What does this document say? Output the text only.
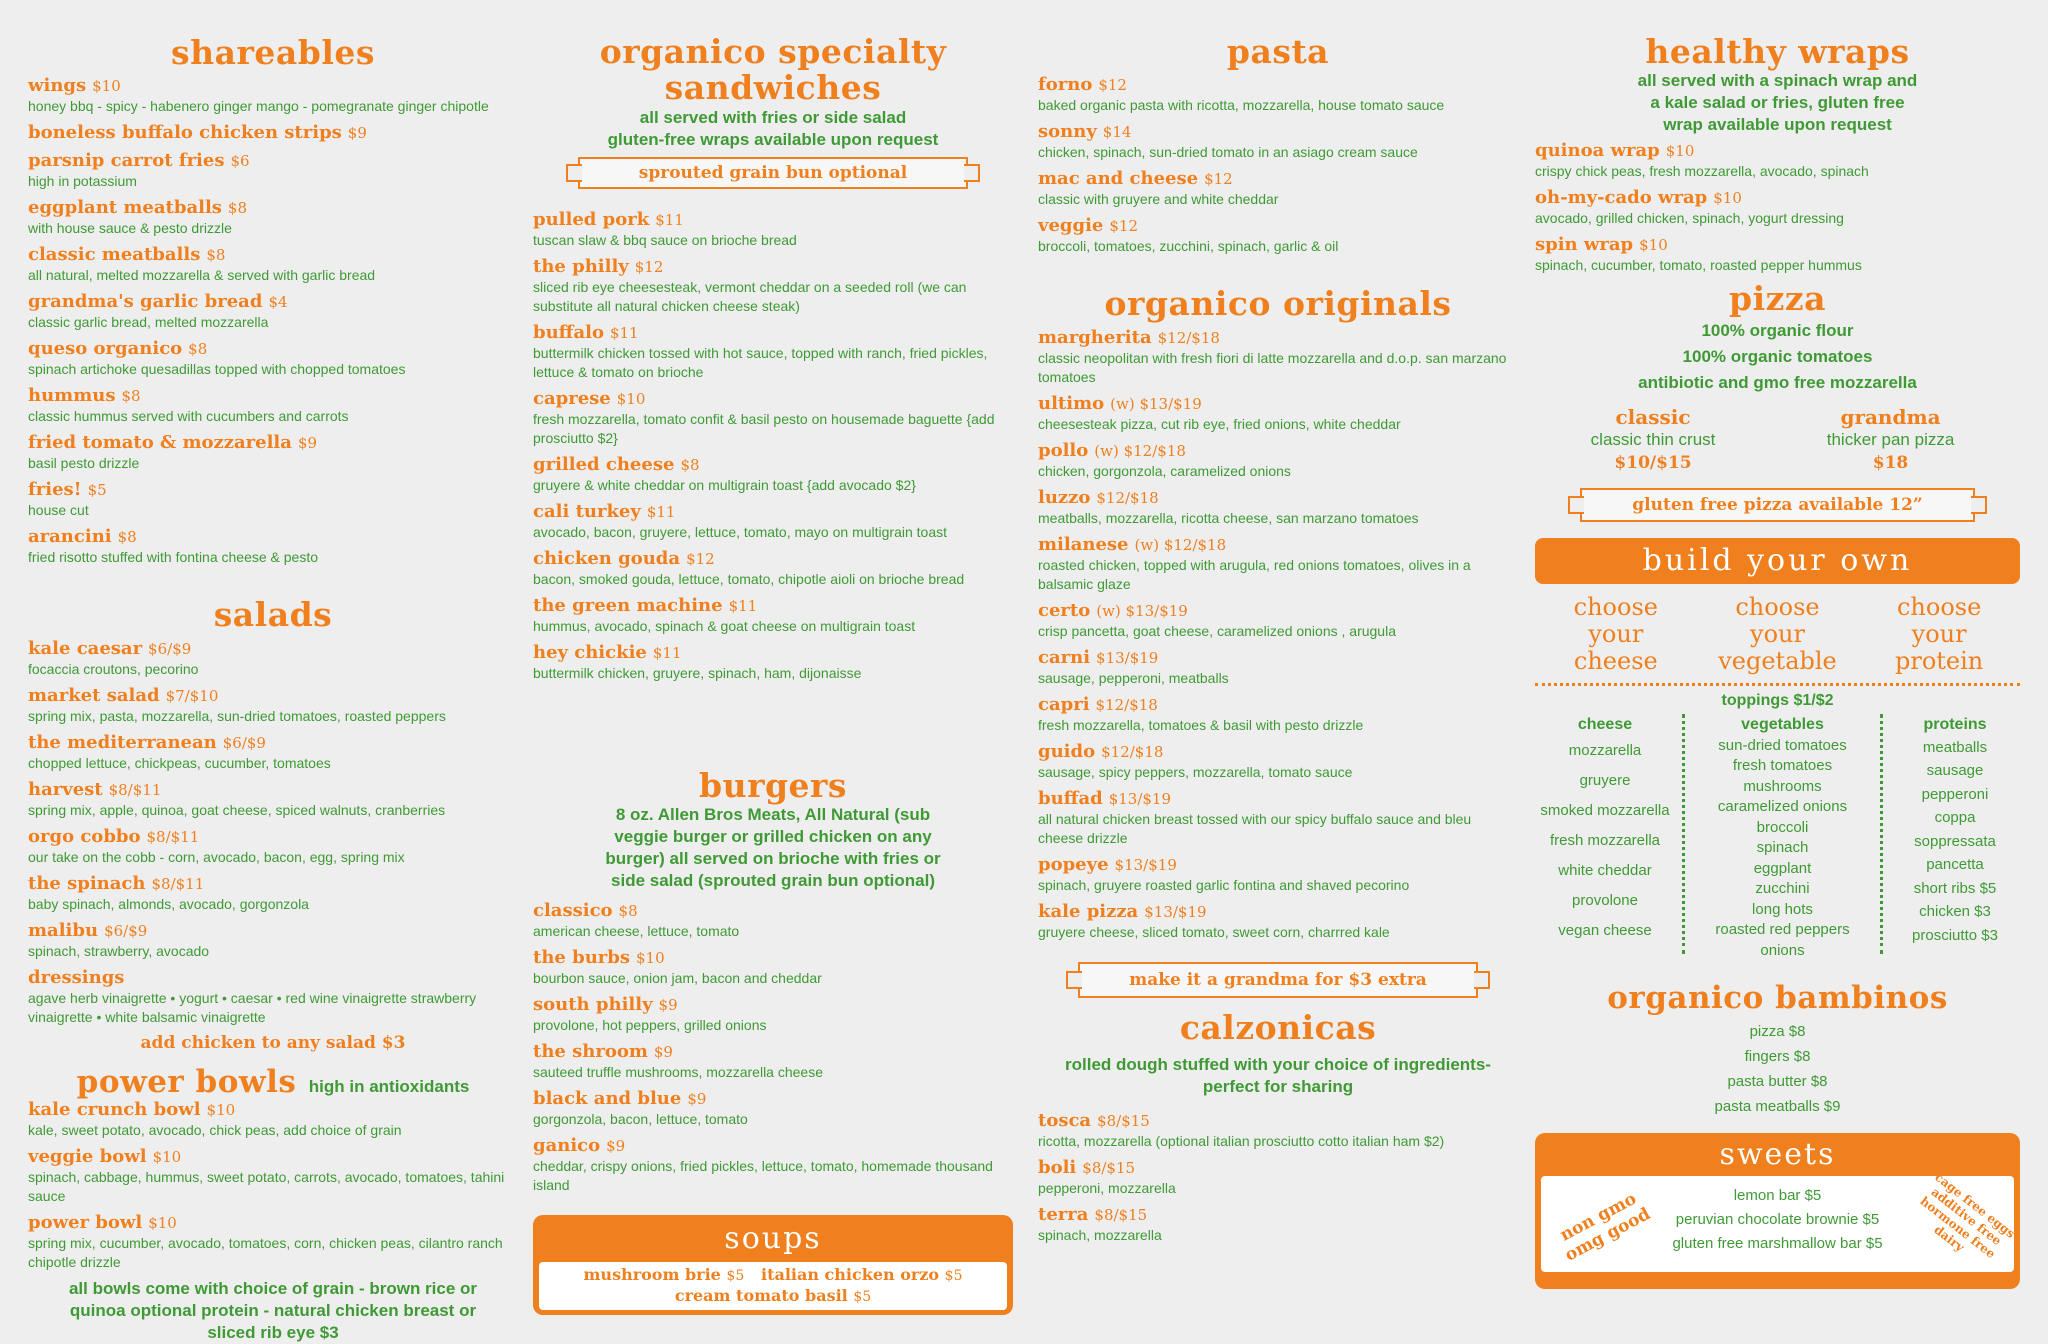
shareables
wings $10
honey bbq - spicy - habenero ginger mango - pomegranate ginger chipotle
boneless buffalo chicken strips $9
parsnip carrot fries $6
high in potassium
eggplant meatballs $8
with house sauce & pesto drizzle
classic meatballs $8
all natural, melted mozzarella & served with garlic bread
grandma's garlic bread $4
classic garlic bread, melted mozzarella
queso organico $8
spinach artichoke quesadillas topped with chopped tomatoes
hummus $8
classic hummus served with cucumbers and carrots
fried tomato & mozzarella $9
basil pesto drizzle
fries! $5
house cut
arancini $8
fried risotto stuffed with fontina cheese & pesto
salads
kale caesar $6/$9
focaccia croutons, pecorino
market salad $7/$10
spring mix, pasta, mozzarella, sun-dried tomatoes, roasted peppers
the mediterranean $6/$9
chopped lettuce, chickpeas, cucumber, tomatoes
harvest $8/$11
spring mix, apple, quinoa, goat cheese, spiced walnuts, cranberries
orgo cobbo $8/$11
our take on the cobb - corn, avocado, bacon, egg, spring mix
the spinach $8/$11
baby spinach, almonds, avocado, gorgonzola
malibu $6/$9
spinach, strawberry, avocado
dressings
agave herb vinaigrette • yogurt • caesar • red wine vinaigrette strawberry vinaigrette • white balsamic vinaigrette
add chicken to any salad $3
power bowls high in antioxidants
kale crunch bowl $10
kale, sweet potato, avocado, chick peas, add choice of grain
veggie bowl $10
spinach, cabbage, hummus, sweet potato, carrots, avocado, tomatoes, tahini sauce
power bowl $10
spring mix, cucumber, avocado, tomatoes, corn, chicken peas, cilantro ranch chipotle drizzle
all bowls come with choice of grain - brown rice or quinoa optional protein - natural chicken breast or sliced rib eye $3
organico specialty
sandwiches
all served with fries or side salad
gluten-free wraps available upon request
sprouted grain bun optional
pulled pork $11
tuscan slaw & bbq sauce on brioche bread
the philly $12
sliced rib eye cheesesteak, vermont cheddar on a seeded roll (we can substitute all natural chicken cheese steak)
buffalo $11
buttermilk chicken tossed with hot sauce, topped with ranch, fried pickles, lettuce & tomato on brioche
caprese $10
fresh mozzarella, tomato confit & basil pesto on housemade baguette {add prosciutto $2}
grilled cheese $8
gruyere & white cheddar on multigrain toast {add avocado $2}
cali turkey $11
avocado, bacon, gruyere, lettuce, tomato, mayo on multigrain toast
chicken gouda $12
bacon, smoked gouda, lettuce, tomato, chipotle aioli on brioche bread
the green machine $11
hummus, avocado, spinach & goat cheese on multigrain toast
hey chickie $11
buttermilk chicken, gruyere, spinach, ham, dijonaisse
burgers
8 oz. Allen Bros Meats, All Natural (sub veggie burger or grilled chicken on any burger) all served on brioche with fries or side salad (sprouted grain bun optional)
classico $8
american cheese, lettuce, tomato
the burbs $10
bourbon sauce, onion jam, bacon and cheddar
south philly $9
provolone, hot peppers, grilled onions
the shroom $9
sauteed truffle mushrooms, mozzarella cheese
black and blue $9
gorgonzola, bacon, lettuce, tomato
ganico $9
cheddar, crispy onions, fried pickles, lettuce, tomato, homemade thousand island
soups
mushroom brie $5 italian chicken orzo $5
cream tomato basil $5
pasta
forno $12
baked organic pasta with ricotta, mozzarella, house tomato sauce
sonny $14
chicken, spinach, sun-dried tomato in an asiago cream sauce
mac and cheese $12
classic with gruyere and white cheddar
veggie $12
broccoli, tomatoes, zucchini, spinach, garlic & oil
organico originals
margherita $12/$18
classic neopolitan with fresh fiori di latte mozzarella and d.o.p. san marzano tomatoes
ultimo (w) $13/$19
cheesesteak pizza, cut rib eye, fried onions, white cheddar
pollo (w) $12/$18
chicken, gorgonzola, caramelized onions
luzzo $12/$18
meatballs, mozzarella, ricotta cheese, san marzano tomatoes
milanese (w) $12/$18
roasted chicken, topped with arugula, red onions tomatoes, olives in a balsamic glaze
certo (w) $13/$19
crisp pancetta, goat cheese, caramelized onions , arugula
carni $13/$19
sausage, pepperoni, meatballs
capri $12/$18
fresh mozzarella, tomatoes & basil with pesto drizzle
guido $12/$18
sausage, spicy peppers, mozzarella, tomato sauce
buffad $13/$19
all natural chicken breast tossed with our spicy buffalo sauce and bleu cheese drizzle
popeye $13/$19
spinach, gruyere roasted garlic fontina and shaved pecorino
kale pizza $13/$19
gruyere cheese, sliced tomato, sweet corn, charrred kale
make it a grandma for $3 extra
calzonicas
rolled dough stuffed with your choice of ingredients-perfect for sharing
tosca $8/$15
ricotta, mozzarella (optional italian prosciutto cotto italian ham $2)
boli $8/$15
pepperoni, mozzarella
terra $8/$15
spinach, mozzarella
healthy wraps
all served with a spinach wrap and a kale salad or fries, gluten free wrap available upon request
quinoa wrap $10
crispy chick peas, fresh mozzarella, avocado, spinach
oh-my-cado wrap $10
avocado, grilled chicken, spinach, yogurt dressing
spin wrap $10
spinach, cucumber, tomato, roasted pepper hummus
pizza
100% organic flour
100% organic tomatoes
antibiotic and gmo free mozzarella
classic
classic thin crust
$10/$15
grandma
thicker pan pizza
$18
gluten free pizza available 12”
build your own
choose your cheese
choose your vegetable
choose your protein
toppings $1/$2
cheese
mozzarella
gruyere
smoked mozzarella
fresh mozzarella
white cheddar
provolone
vegan cheese
vegetables
sun-dried tomatoes
fresh tomatoes
mushrooms
caramelized onions
broccoli
spinach
eggplant
zucchini
long hots
roasted red peppers
onions
proteins
meatballs
sausage
pepperoni
coppa
soppressata
pancetta
short ribs $5
chicken $3
prosciutto $3
organico bambinos
pizza $8
fingers $8
pasta butter $8
pasta meatballs $9
sweets
lemon bar $5
peruvian chocolate brownie $5
gluten free marshmallow bar $5
non gmo omg good	cage free eggs additive free hormone free dairy
